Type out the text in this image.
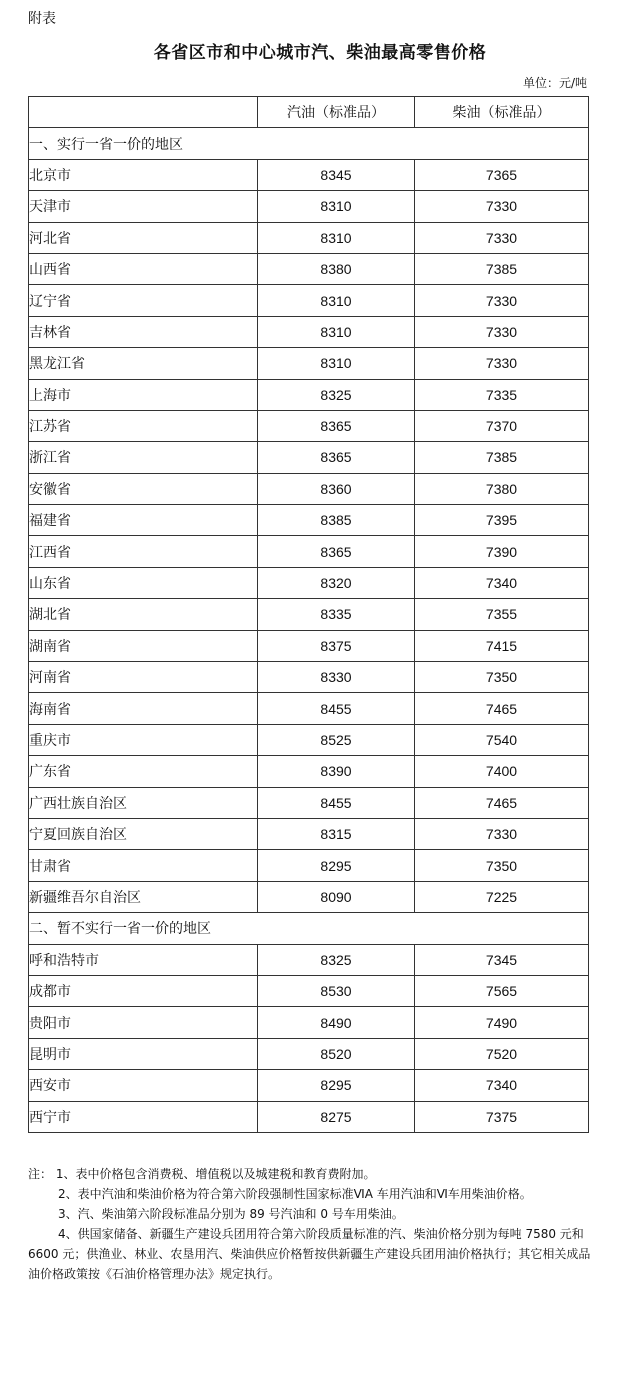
附表
各省区市和中心城市汽、柴油最高零售价格
单位：元/吨
	汽油（标准品）	柴油（标准品）
一、实行一省一价的地区		
北京市	8345	7365
天津市	8310	7330
河北省	8310	7330
山西省	8380	7385
辽宁省	8310	7330
吉林省	8310	7330
黑龙江省	8310	7330
上海市	8325	7335
江苏省	8365	7370
浙江省	8365	7385
安徽省	8360	7380
福建省	8385	7395
江西省	8365	7390
山东省	8320	7340
湖北省	8335	7355
湖南省	8375	7415
河南省	8330	7350
海南省	8455	7465
重庆市	8525	7540
广东省	8390	7400
广西壮族自治区	8455	7465
宁夏回族自治区	8315	7330
甘肃省	8295	7350
新疆维吾尔自治区	8090	7225
二、暂不实行一省一价的地区		
呼和浩特市	8325	7345
成都市	8530	7565
贵阳市	8490	7490
昆明市	8520	7520
西安市	8295	7340
西宁市	8275	7375
注： 1、表中价格包含消费税、增值税以及城建税和教育费附加。
2、表中汽油和柴油价格为符合第六阶段强制性国家标准ⅥA 车用汽油和Ⅵ车用柴油价格。
3、汽、柴油第六阶段标准品分别为 89 号汽油和 0 号车用柴油。
4、供国家储备、新疆生产建设兵团用符合第六阶段质量标准的汽、柴油价格分别为每吨 7580 元和 6600 元；供渔业、林业、农垦用汽、柴油供应价格暂按供新疆生产建设兵团用油价格执行；其它相关成品油价格政策按《石油价格管理办法》规定执行。
